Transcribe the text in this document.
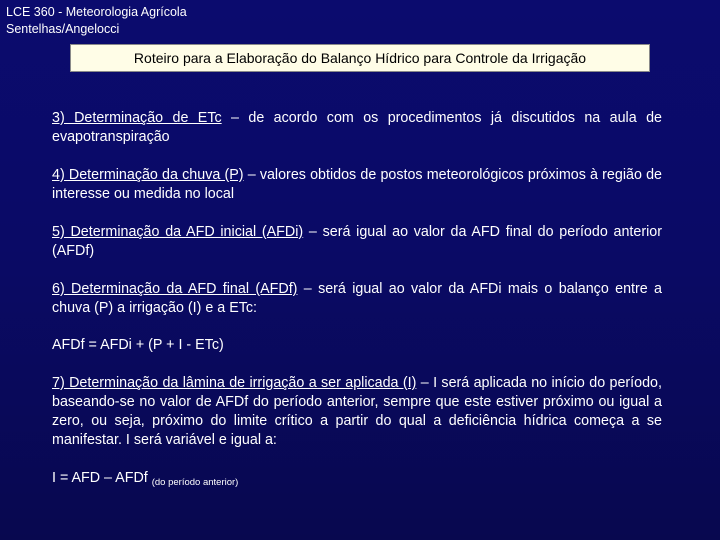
LCE 360 - Meteorologia Agrícola
Sentelhas/Angelocci
Roteiro para a Elaboração do Balanço Hídrico para Controle da Irrigação

3) Determinação de ETc – de acordo com os procedimentos já discutidos na aula de evapotranspiração

4) Determinação da chuva (P) – valores obtidos de postos meteorológicos próximos à região de interesse ou medida no local

5) Determinação da AFD inicial (AFDi) – será igual ao valor da AFD final do período anterior (AFDf)

6) Determinação da AFD final (AFDf) – será igual ao valor da AFDi mais o balanço entre a chuva (P) a irrigação (I) e a ETc:

AFDf = AFDi + (P + I - ETc)

7) Determinação da lâmina de irrigação a ser aplicada (I) – I será aplicada no início do período, baseando-se no valor de AFDf do período anterior, sempre que este estiver próximo ou igual a zero, ou seja, próximo do limite crítico a partir do qual a deficiência hídrica começa a se manifestar. I será variável e igual a:

I = AFD – AFDf $_{(do período anterior)}$
